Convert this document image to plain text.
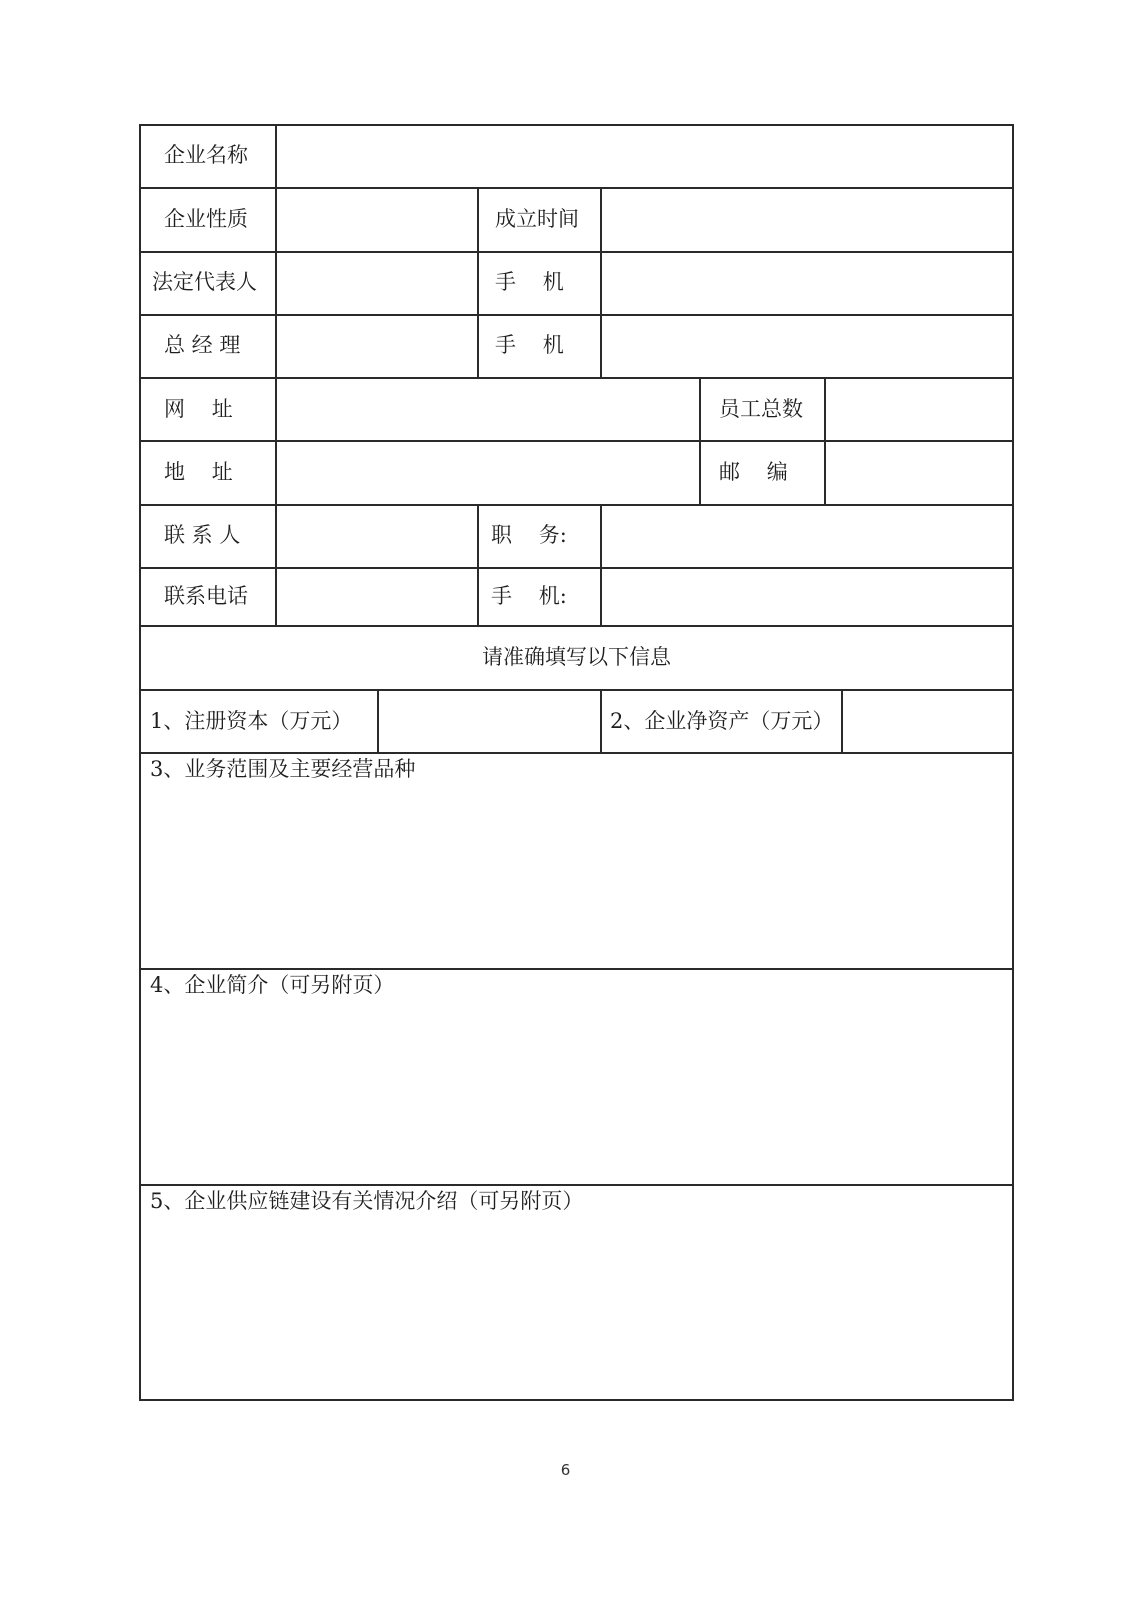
企业名称
企业性质	成立时间
法定代表人	手    机
总 经 理	手    机
网    址	员工总数
地    址	邮    编
联 系 人	职    务:
联系电话	手    机:
请准确填写以下信息
1、注册资本（万元）	2、企业净资产（万元）
3、业务范围及主要经营品种
4、企业简介（可另附页）
5、企业供应链建设有关情况介绍（可另附页）
6
